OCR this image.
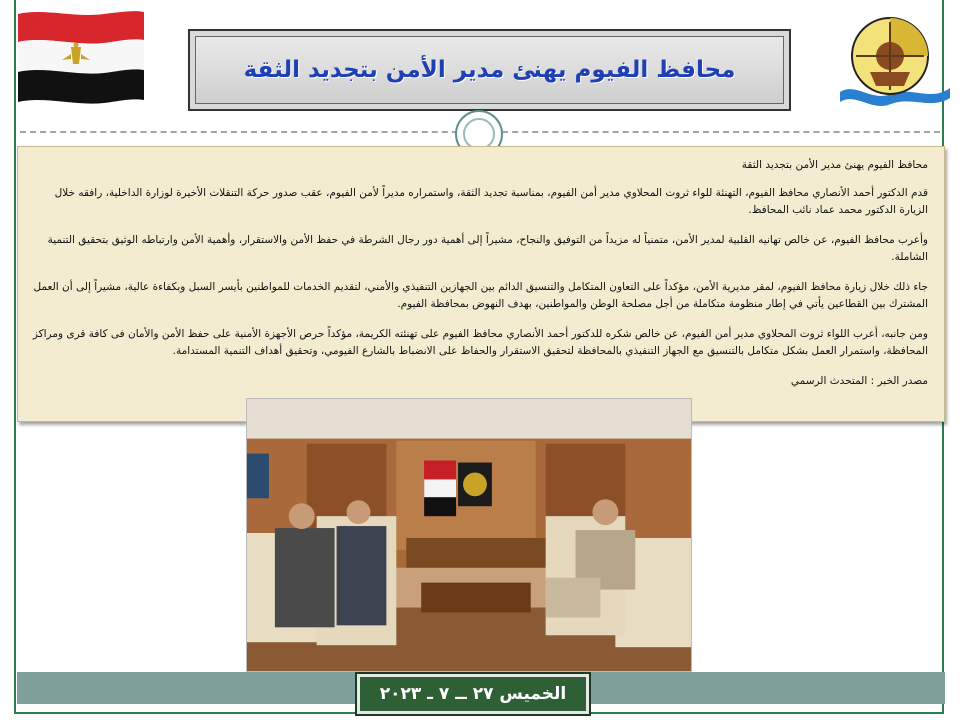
محافظ الفيوم يهنئ مدير الأمن بتجديد الثقة

محافظ الفيوم يهنئ مدير الأمن بتجديد الثقة

قدم الدكتور أحمد الأنصاري محافظ الفيوم، التهنئة للواء ثروت المحلاوي مدير أمن الفيوم، بمناسبة تجديد الثقة، واستمراره مديراً لأمن الفيوم، عقب صدور حركة التنقلات الأخيرة لوزارة الداخلية، رافقه خلال الزيارة الدكتور محمد عماد نائب المحافظ.

وأعرب محافظ الفيوم، عن خالص تهانيه القلبية لمدير الأمن، متمنياً له مزيداً من التوفيق والنجاح، مشيراً إلى أهمية دور رجال الشرطة في حفظ الأمن والاستقرار، وأهمية الأمن وارتباطه الوثيق بتحقيق التنمية الشاملة.

جاء ذلك خلال زيارة محافظ الفيوم، لمقر مديرية الأمن، مؤكداً على التعاون المتكامل والتنسيق الدائم بين الجهازين التنفيذي والأمني، لتقديم الخدمات للمواطنين بأيسر السبل وبكفاءة عالية، مشيراً إلى أن العمل المشترك بين القطاعين يأتي في إطار منظومة متكاملة من أجل مصلحة الوطن والمواطنين، بهدف النهوض بمحافظة الفيوم.

ومن جانبه، أعرب اللواء ثروت المحلاوي مدير أمن الفيوم، عن خالص شكره للدكتور أحمد الأنصاري محافظ الفيوم على تهنئته الكريمة، مؤكداً حرص الأجهزة الأمنية على حفظ الأمن والأمان فى كافة قرى ومراكز المحافظة، واستمرار العمل بشكل متكامل بالتنسيق مع الجهاز التنفيذي بالمحافظة لتحقيق الاستقرار والحفاظ على الانضباط بالشارع الفيومي، وتحقيق أهداف التنمية المستدامة.

مصدر الخبر : المتحدث الرسمي

الخميس ٢٧ ــ ٧ ـ ٢٠٢٣
